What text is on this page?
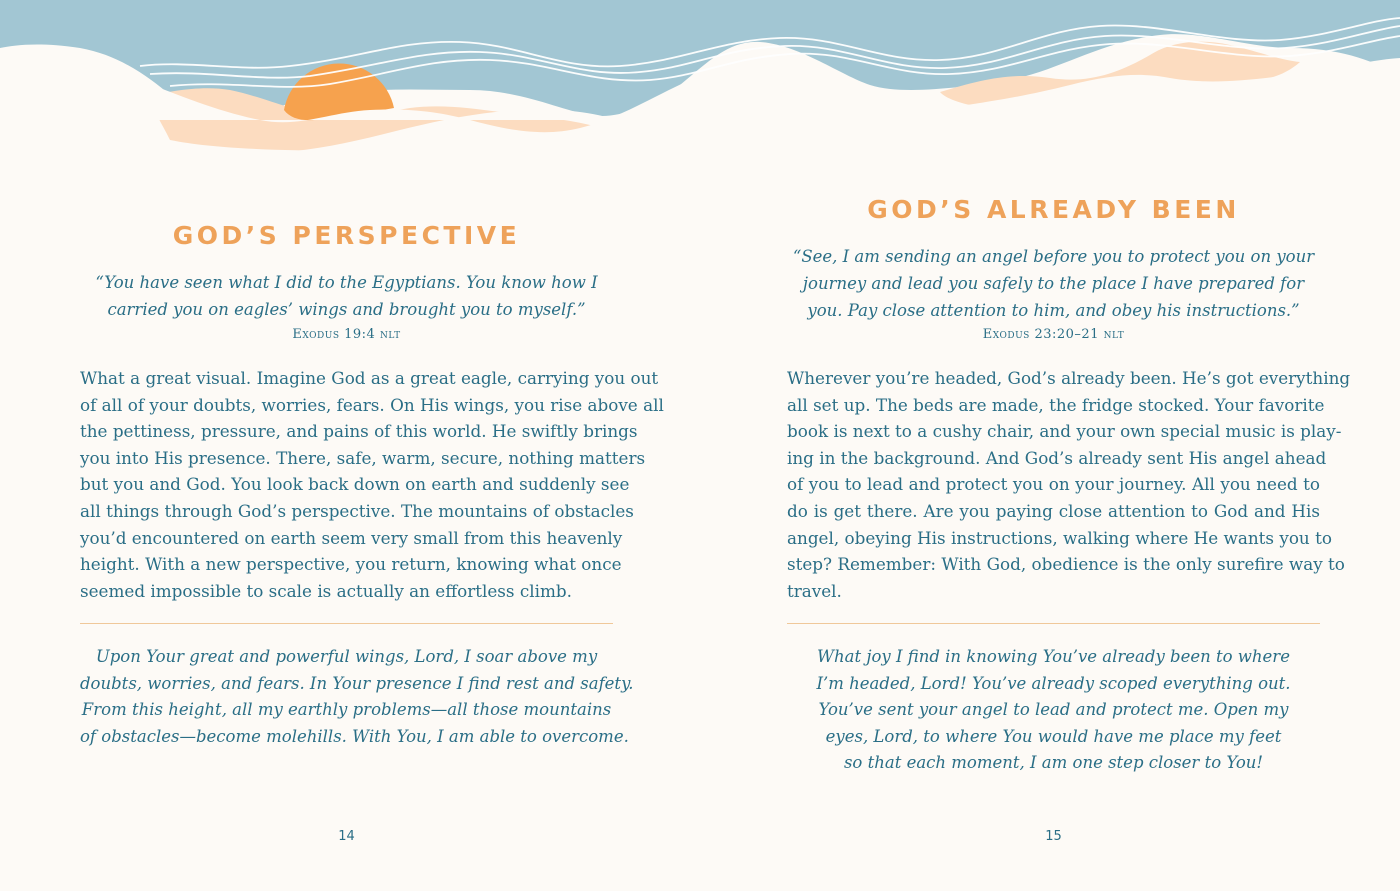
GOD’S PERSPECTIVE
“You have seen what I did to the Egyptians. You know how I
carried you on eagles’ wings and brought you to myself.”
Exodus 19:4 nlt
What a great visual. Imagine God as a great eagle, carrying you out
of all of your doubts, worries, fears. On His wings, you rise above all
the pettiness, pressure, and pains of this world. He swiftly brings
you into His presence. There, safe, warm, secure, nothing matters
but you and God. You look back down on earth and suddenly see
all things through God’s perspective. The mountains of obstacles
you’d encountered on earth seem very small from this heavenly
height. With a new perspective, you return, knowing what once
seemed impossible to scale is actually an effortless climb.
Upon Your great and powerful wings, Lord, I soar above my
doubts, worries, and fears. In Your presence I find rest and safety.
From this height, all my earthly problems—all those mountains
of obstacles—become molehills. With You, I am able to overcome.
14
GOD’S ALREADY BEEN
“See, I am sending an angel before you to protect you on your
journey and lead you safely to the place I have prepared for
you. Pay close attention to him, and obey his instructions.”
Exodus 23:20–21 nlt
Wherever you’re headed, God’s already been. He’s got everything
all set up. The beds are made, the fridge stocked. Your favorite
book is next to a cushy chair, and your own special music is play-
ing in the background. And God’s already sent His angel ahead
of you to lead and protect you on your journey. All you need to
do is get there. Are you paying close attention to God and His
angel, obeying His instructions, walking where He wants you to
step? Remember: With God, obedience is the only surefire way to
travel.
What joy I find in knowing You’ve already been to where
I’m headed, Lord! You’ve already scoped everything out.
You’ve sent your angel to lead and protect me. Open my
eyes, Lord, to where You would have me place my feet
so that each moment, I am one step closer to You!
15
